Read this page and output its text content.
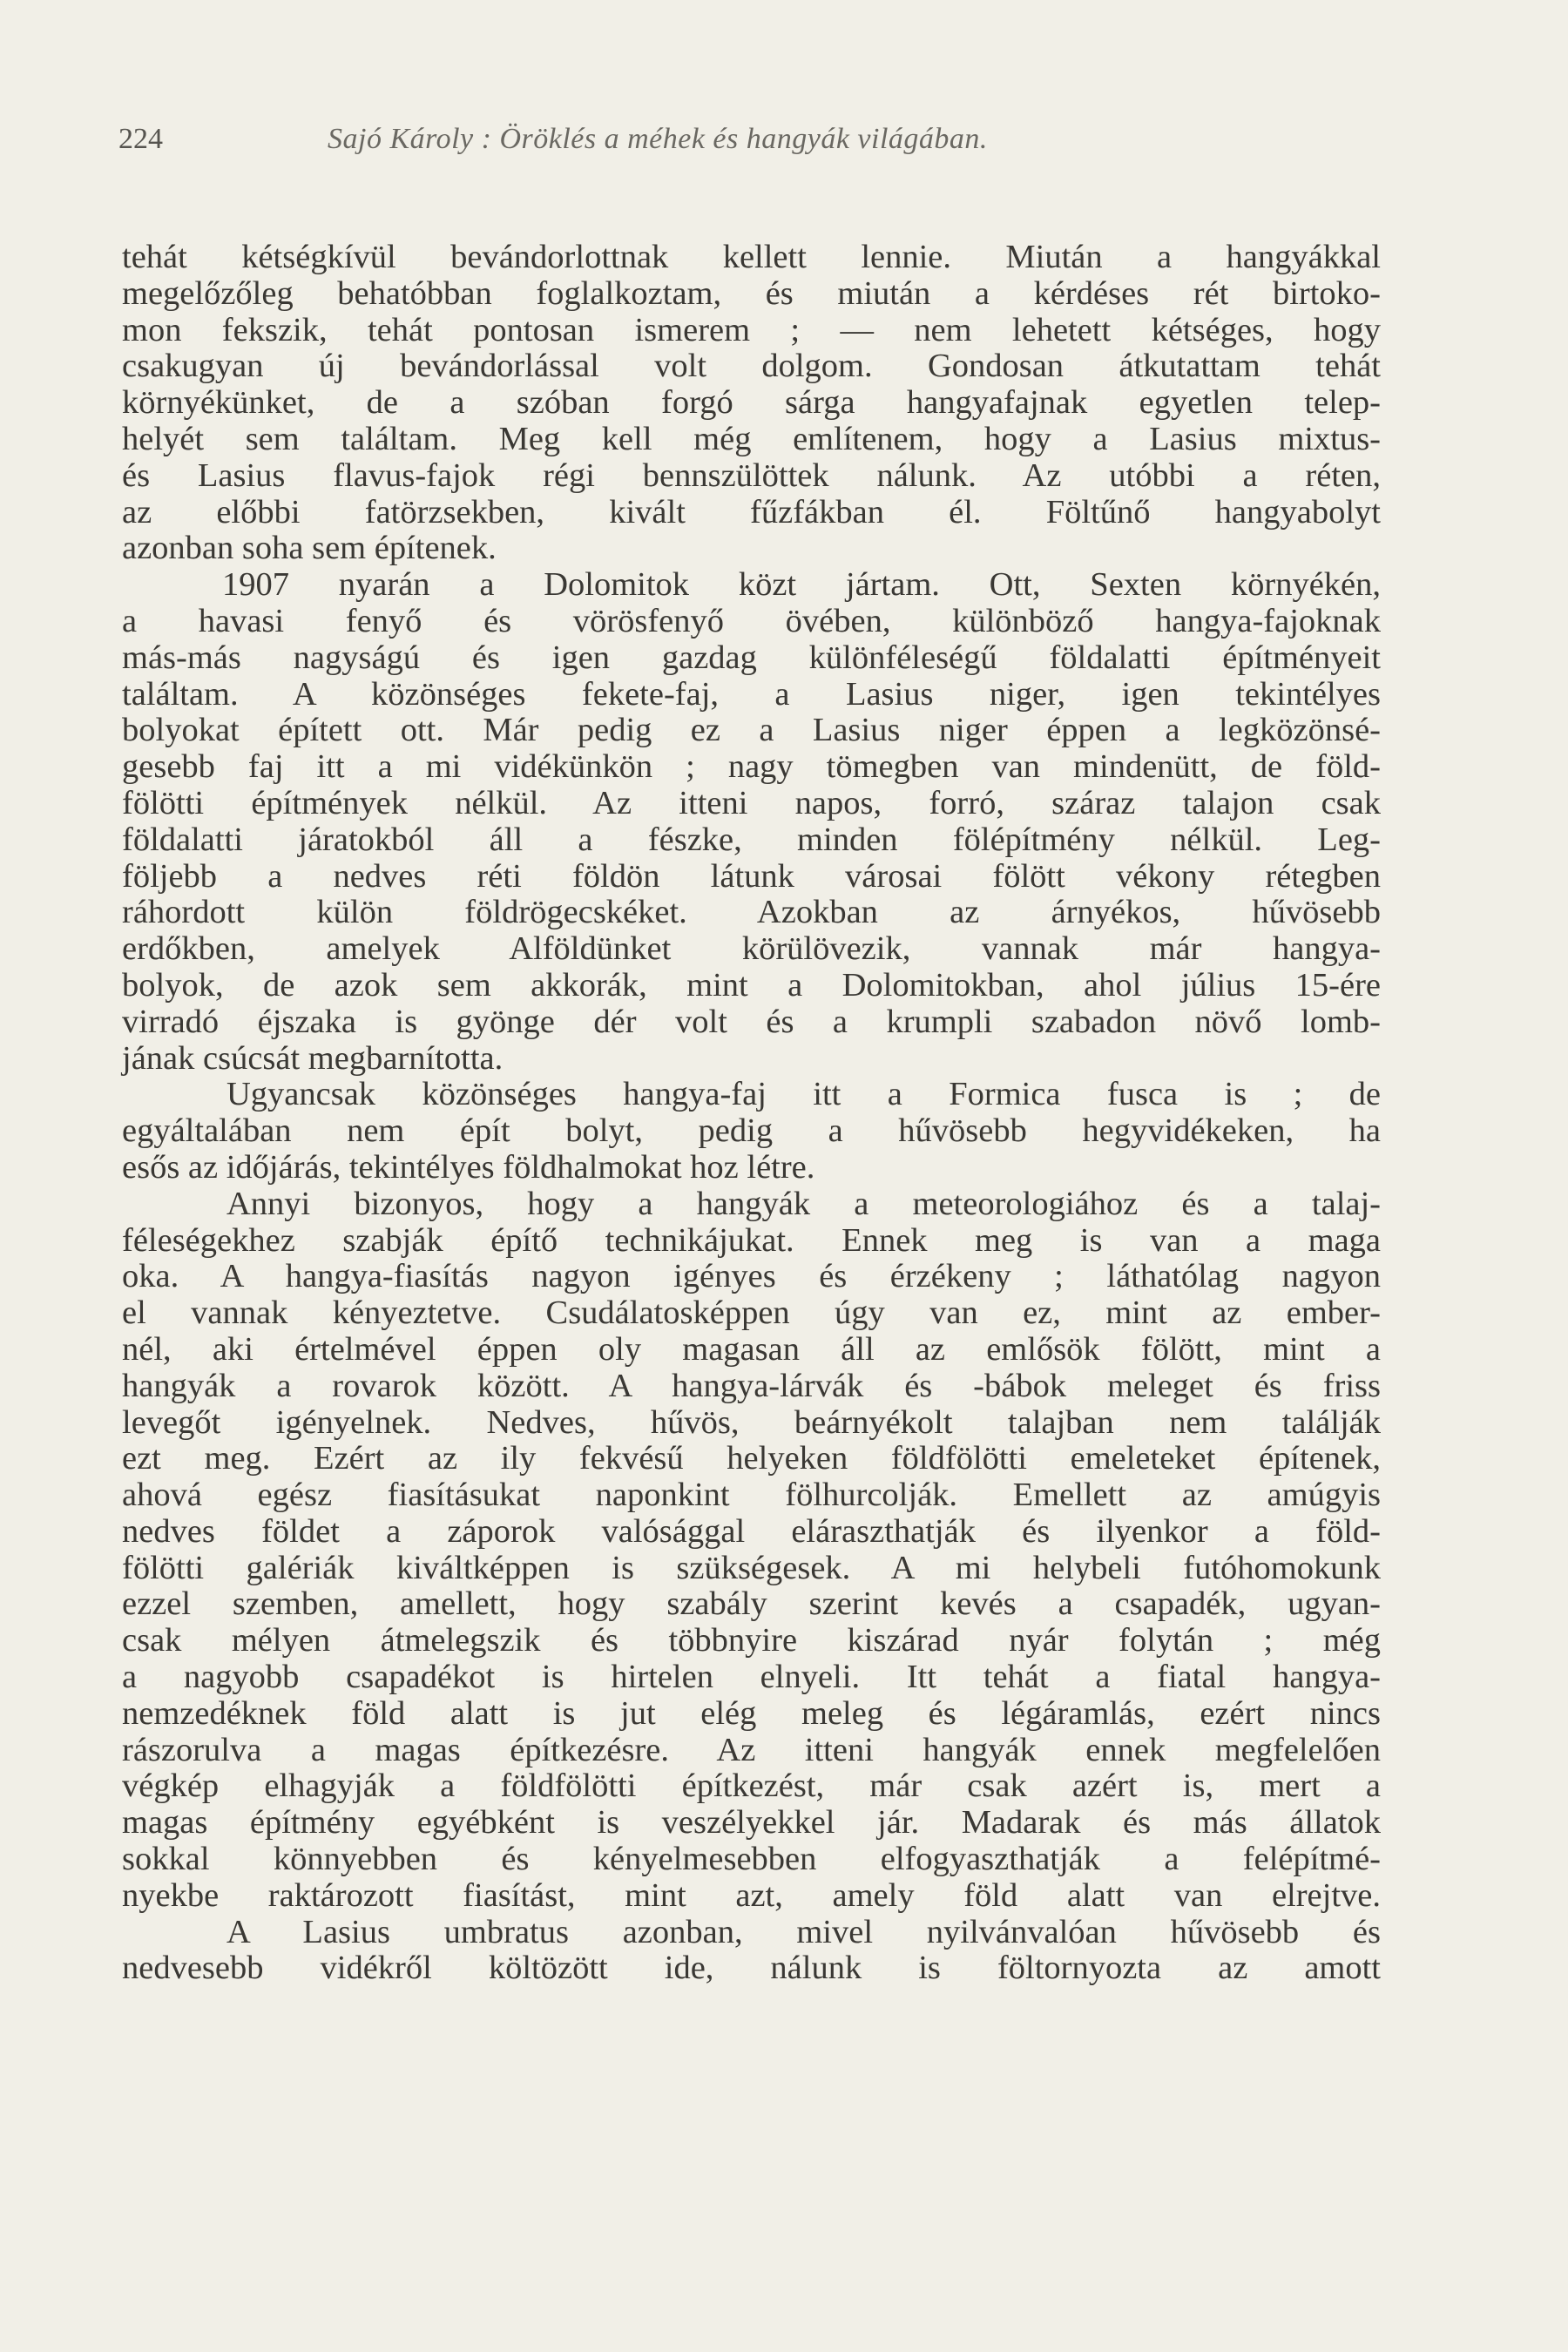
224	Sajó Károly : Öröklés a méhek és hangyák világában.
tehát kétségkívül bevándorlottnak kellett lennie. Miután a hangyákkal
megelőzőleg behatóbban foglalkoztam, és miután a kérdéses rét birtoko-
mon fekszik, tehát pontosan ismerem ; — nem lehetett kétséges, hogy
csakugyan új bevándorlással volt dolgom. Gondosan átkutattam tehát
környékünket, de a szóban forgó sárga hangyafajnak egyetlen telep-
helyét sem találtam. Meg kell még említenem, hogy a Lasius mixtus-
és Lasius flavus-fajok régi bennszülöttek nálunk. Az utóbbi a réten,
az előbbi fatörzsekben, kivált fűzfákban él. Föltűnő hangyabolyt
azonban soha sem építenek.
1907 nyarán a Dolomitok közt jártam. Ott, Sexten környékén,
a havasi fenyő és vörösfenyő övében, különböző hangya-fajoknak
más-más nagyságú és igen gazdag különféleségű földalatti építményeit
találtam. A közönséges fekete-faj, a Lasius niger, igen tekintélyes
bolyokat épített ott. Már pedig ez a Lasius niger éppen a legközönsé-
gesebb faj itt a mi vidékünkön ; nagy tömegben van mindenütt, de föld-
fölötti építmények nélkül. Az itteni napos, forró, száraz talajon csak
földalatti járatokból áll a fészke, minden fölépítmény nélkül. Leg-
följebb a nedves réti földön látunk városai fölött vékony rétegben
ráhordott külön földrögecskéket. Azokban az árnyékos, hűvösebb
erdőkben, amelyek Alföldünket körülövezik, vannak már hangya-
bolyok, de azok sem akkorák, mint a Dolomitokban, ahol július 15-ére
virradó éjszaka is gyönge dér volt és a krumpli szabadon növő lomb-
jának csúcsát megbarnította.
Ugyancsak közönséges hangya-faj itt a Formica fusca is ; de
egyáltalában nem épít bolyt, pedig a hűvösebb hegyvidékeken, ha
esős az időjárás, tekintélyes földhalmokat hoz létre.
Annyi bizonyos, hogy a hangyák a meteorologiához és a talaj-
féleségekhez szabják építő technikájukat. Ennek meg is van a maga
oka. A hangya-fiasítás nagyon igényes és érzékeny ; láthatólag nagyon
el vannak kényeztetve. Csudálatosképpen úgy van ez, mint az ember-
nél, aki értelmével éppen oly magasan áll az emlősök fölött, mint a
hangyák a rovarok között. A hangya-lárvák és -bábok meleget és friss
levegőt igényelnek. Nedves, hűvös, beárnyékolt talajban nem találják
ezt meg. Ezért az ily fekvésű helyeken földfölötti emeleteket építenek,
ahová egész fiasításukat naponkint fölhurcolják. Emellett az amúgyis
nedves földet a záporok valósággal eláraszthatják és ilyenkor a föld-
fölötti galériák kiváltképpen is szükségesek. A mi helybeli futóhomokunk
ezzel szemben, amellett, hogy szabály szerint kevés a csapadék, ugyan-
csak mélyen átmelegszik és többnyire kiszárad nyár folytán ; még
a nagyobb csapadékot is hirtelen elnyeli. Itt tehát a fiatal hangya-
nemzedéknek föld alatt is jut elég meleg és légáramlás, ezért nincs
rászorulva a magas építkezésre. Az itteni hangyák ennek megfelelően
végkép elhagyják a földfölötti építkezést, már csak azért is, mert a
magas építmény egyébként is veszélyekkel jár. Madarak és más állatok
sokkal könnyebben és kényelmesebben elfogyaszthatják a felépítmé-
nyekbe raktározott fiasítást, mint azt, amely föld alatt van elrejtve.
A Lasius umbratus azonban, mivel nyilvánvalóan hűvösebb és
nedvesebb vidékről költözött ide, nálunk is föltornyozta az amott
